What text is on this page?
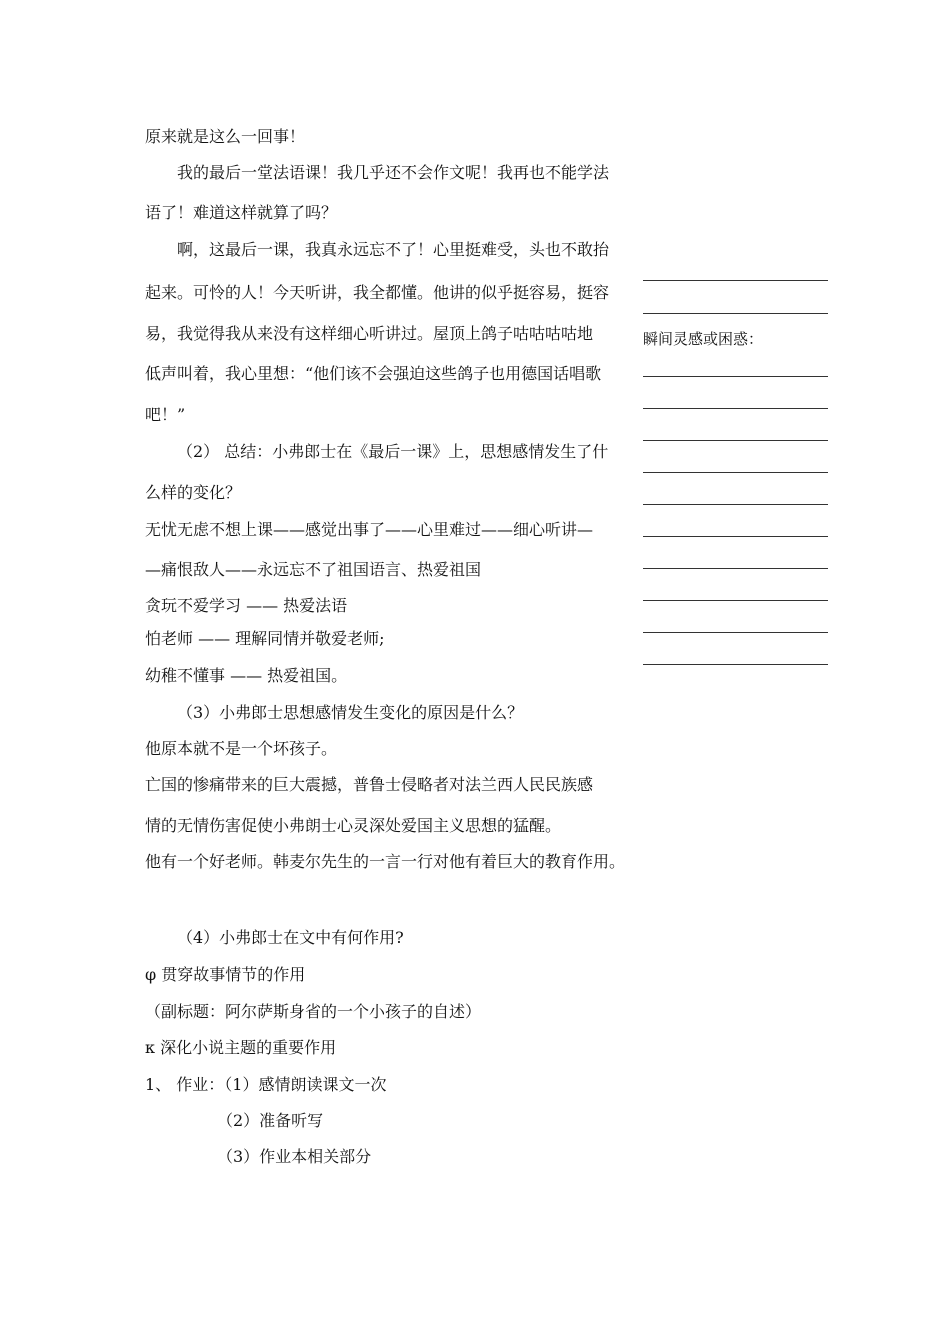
原来就是这么一回事！
我的最后一堂法语课！我几乎还不会作文呢！我再也不能学法
语了！难道这样就算了吗？
啊，这最后一课，我真永远忘不了！心里挺难受，头也不敢抬
起来。可怜的人！今天听讲，我全都懂。他讲的似乎挺容易，挺容
易，我觉得我从来没有这样细心听讲过。屋顶上鸽子咕咕咕咕地
低声叫着，我心里想：“他们该不会强迫这些鸽子也用德国话唱歌
吧！”
（2） 总结：小弗郎士在《最后一课》上，思想感情发生了什
么样的变化？
无忧无虑不想上课——感觉出事了——心里难过——细心听讲—
—痛恨敌人——永远忘不了祖国语言、热爱祖国
贪玩不爱学习 —— 热爱法语
怕老师 —— 理解同情并敬爱老师;
幼稚不懂事 —— 热爱祖国。
（3）小弗郎士思想感情发生变化的原因是什么？
他原本就不是一个坏孩子。
亡国的惨痛带来的巨大震撼，普鲁士侵略者对法兰西人民民族感
情的无情伤害促使小弗朗士心灵深处爱国主义思想的猛醒。
他有一个好老师。韩麦尔先生的一言一行对他有着巨大的教育作用。
（4）小弗郎士在文中有何作用?
φ 贯穿故事情节的作用
（副标题：阿尔萨斯身省的一个小孩子的自述）
κ 深化小说主题的重要作用
1、 作业：（1）感情朗读课文一次
（2）准备听写
（3）作业本相关部分
瞬间灵感或困惑：
